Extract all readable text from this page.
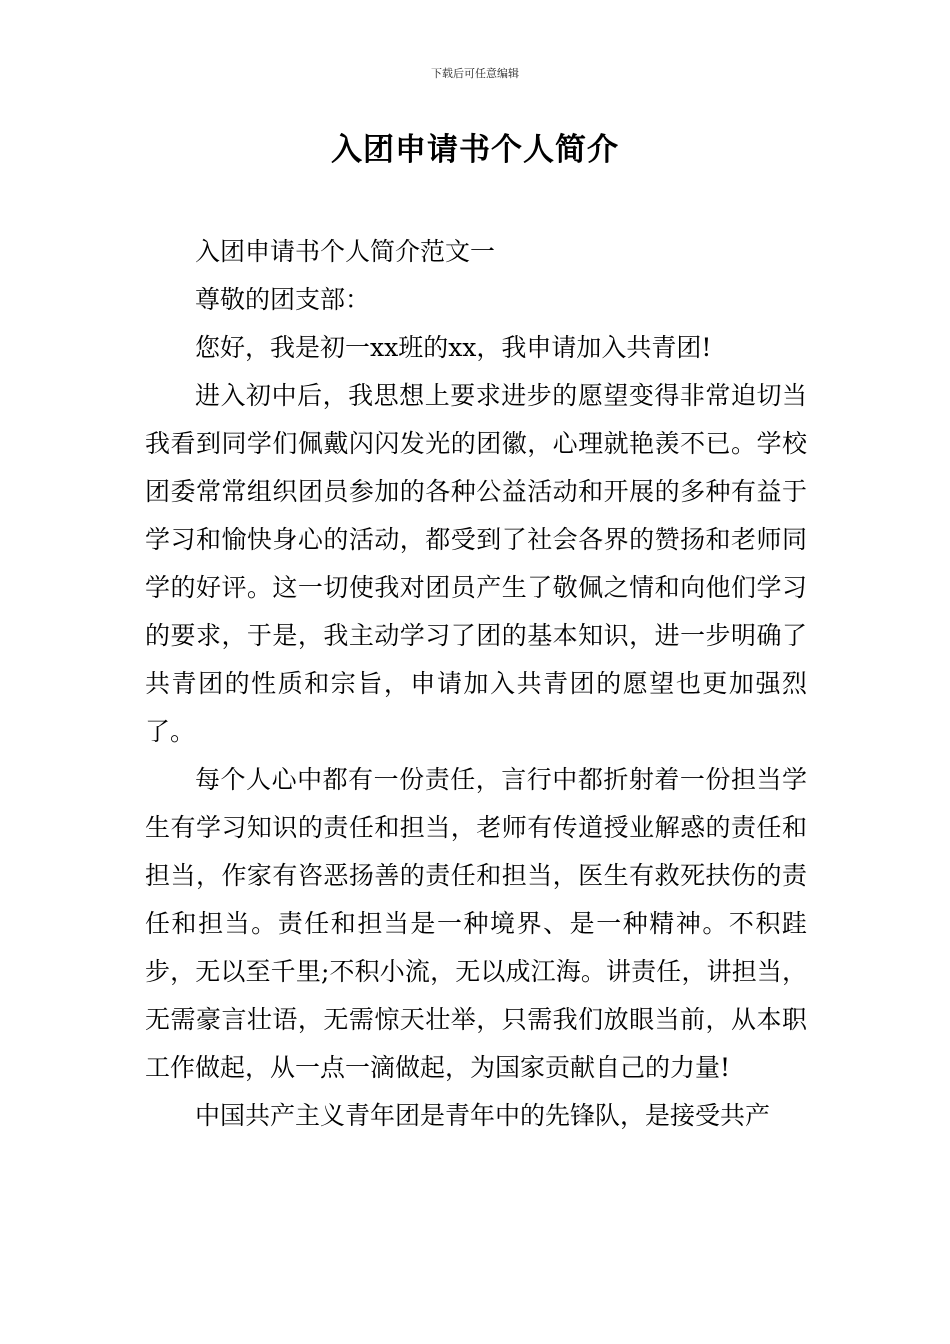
下载后可任意编辑
入团申请书个人简介

入团申请书个人简介范文一

尊敬的团支部：

您好，我是初一xx班的xx，我申请加入共青团!

进入初中后，我思想上要求进步的愿望变得非常迫切当我看到同学们佩戴闪闪发光的团徽，心理就艳羡不已。学校团委常常组织团员参加的各种公益活动和开展的多种有益于学习和愉快身心的活动，都受到了社会各界的赞扬和老师同学的好评。这一切使我对团员产生了敬佩之情和向他们学习的要求，于是，我主动学习了团的基本知识，进一步明确了共青团的性质和宗旨，申请加入共青团的愿望也更加强烈了。

每个人心中都有一份责任，言行中都折射着一份担当学生有学习知识的责任和担当，老师有传道授业解惑的责任和担当，作家有咨恶扬善的责任和担当，医生有救死扶伤的责任和担当。责任和担当是一种境界、是一种精神。不积跬步，无以至千里;不积小流，无以成江海。讲责任，讲担当，无需豪言壮语，无需惊天壮举，只需我们放眼当前，从本职工作做起，从一点一滴做起，为国家贡献自己的力量!

中国共产主义青年团是青年中的先锋队，是接受共产
